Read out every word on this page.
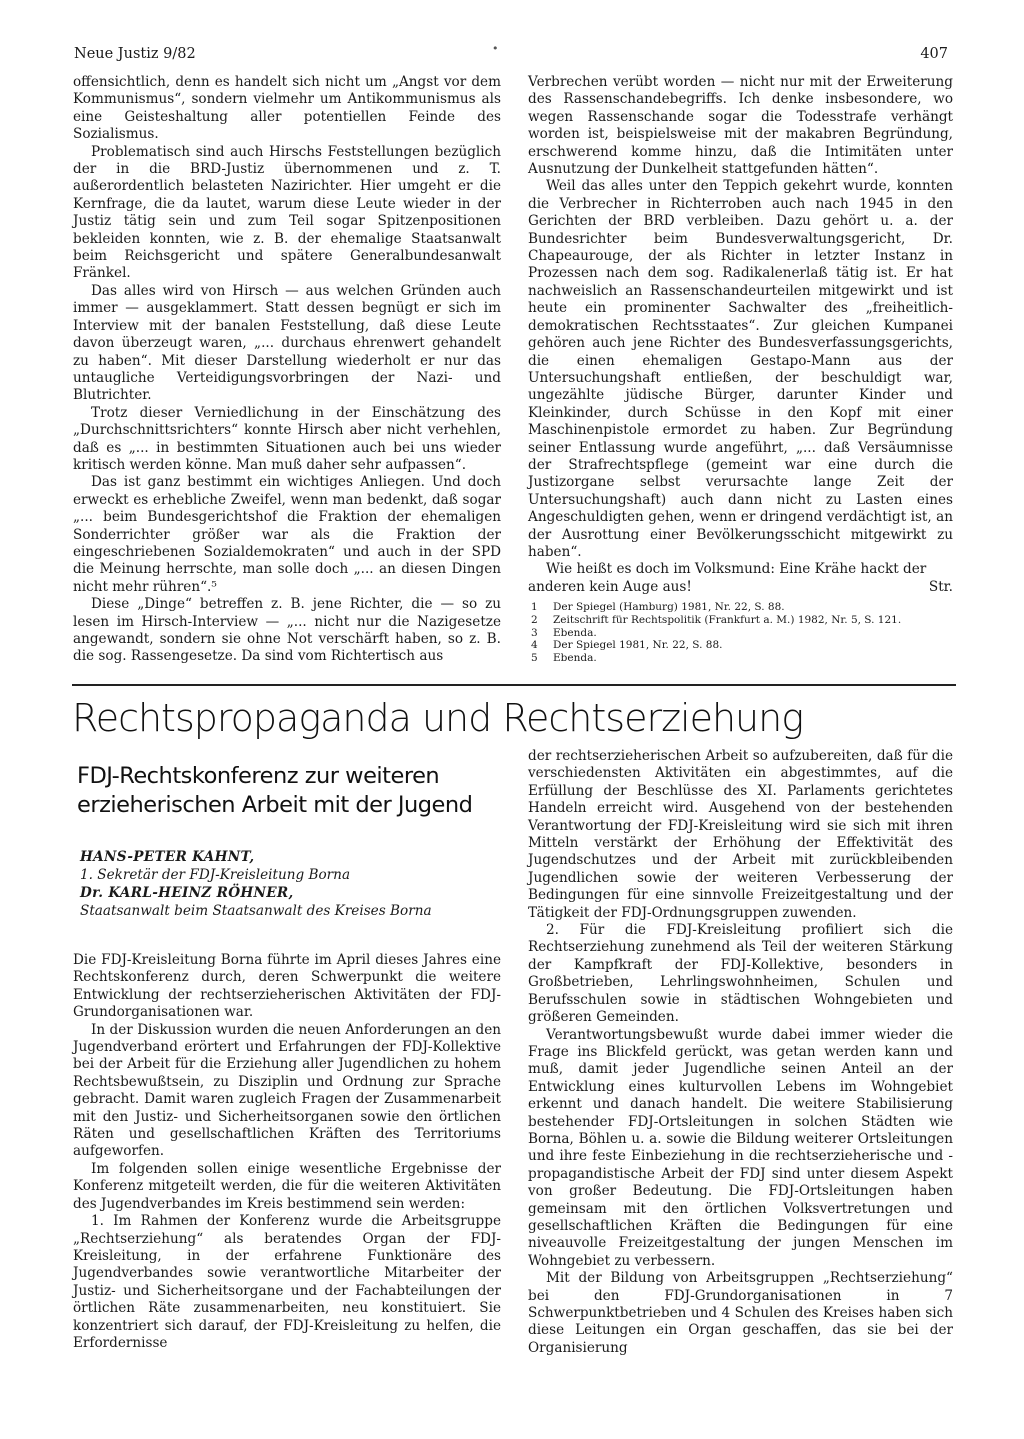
Neue Justiz 9/82	•	407

offensichtlich, denn es handelt sich nicht um „Angst vor dem Kommunismus“, sondern vielmehr um Antikommunismus als eine Geisteshaltung aller potentiellen Feinde des Sozialismus.

Problematisch sind auch Hirschs Feststellungen bezüglich der in die BRD-Justiz übernommenen und z. T. außerordentlich belasteten Nazirichter. Hier umgeht er die Kernfrage, die da lautet, warum diese Leute wieder in der Justiz tätig sein und zum Teil sogar Spitzenpositionen bekleiden konnten, wie z. B. der ehemalige Staatsanwalt beim Reichsgericht und spätere Generalbundesanwalt Fränkel.

Das alles wird von Hirsch — aus welchen Gründen auch immer — ausgeklammert. Statt dessen begnügt er sich im Interview mit der banalen Feststellung, daß diese Leute davon überzeugt waren, „... durchaus ehrenwert gehandelt zu haben“. Mit dieser Darstellung wiederholt er nur das untaugliche Verteidigungsvorbringen der Nazi- und Blutrichter.

Trotz dieser Verniedlichung in der Einschätzung des „Durchschnittsrichters“ konnte Hirsch aber nicht verhehlen, daß es „... in bestimmten Situationen auch bei uns wieder kritisch werden könne. Man muß daher sehr aufpassen“.

Das ist ganz bestimmt ein wichtiges Anliegen. Und doch erweckt es erhebliche Zweifel, wenn man bedenkt, daß sogar „... beim Bundesgerichtshof die Fraktion der ehemaligen Sonderrichter größer war als die Fraktion der eingeschriebenen Sozialdemokraten“ und auch in der SPD die Meinung herrschte, man solle doch „... an diesen Dingen nicht mehr rühren“.⁵

Diese „Dinge“ betreffen z. B. jene Richter, die — so zu lesen im Hirsch-Interview — „... nicht nur die Nazigesetze angewandt, sondern sie ohne Not verschärft haben, so z. B. die sog. Rassengesetze. Da sind vom Richtertisch aus

Verbrechen verübt worden — nicht nur mit der Erweiterung des Rassenschandebegriffs. Ich denke insbesondere, wo wegen Rassenschande sogar die Todesstrafe verhängt worden ist, beispielsweise mit der makabren Begründung, erschwerend komme hinzu, daß die Intimitäten unter Ausnutzung der Dunkelheit stattgefunden hätten“.

Weil das alles unter den Teppich gekehrt wurde, konnten die Verbrecher in Richterroben auch nach 1945 in den Gerichten der BRD verbleiben. Dazu gehört u. a. der Bundesrichter beim Bundesverwaltungsgericht, Dr. Chapeaurouge, der als Richter in letzter Instanz in Prozessen nach dem sog. Radikalenerlaß tätig ist. Er hat nachweislich an Rassenschandeurteilen mitgewirkt und ist heute ein prominenter Sachwalter des „freiheitlich-demokratischen Rechtsstaates“. Zur gleichen Kumpanei gehören auch jene Richter des Bundesverfassungsgerichts, die einen ehemaligen Gestapo-Mann aus der Untersuchungshaft entließen, der beschuldigt war, ungezählte jüdische Bürger, darunter Kinder und Kleinkinder, durch Schüsse in den Kopf mit einer Maschinenpistole ermordet zu haben. Zur Begründung seiner Entlassung wurde angeführt, „... daß Versäumnisse der Strafrechtspflege (gemeint war eine durch die Justizorgane selbst verursachte lange Zeit der Untersuchungshaft) auch dann nicht zu Lasten eines Angeschuldigten gehen, wenn er dringend verdächtigt ist, an der Ausrottung einer Bevölkerungsschicht mitgewirkt zu haben“.

Wie heißt es doch im Volksmund: Eine Krähe hackt der

anderen kein Auge aus!	Str.
1	Der Spiegel (Hamburg) 1981, Nr. 22, S. 88.
2	Zeitschrift für Rechtspolitik (Frankfurt a. M.) 1982, Nr. 5, S. 121.
3	Ebenda.
4	Der Spiegel 1981, Nr. 22, S. 88.
5	Ebenda.
Rechtspropaganda und Rechtserziehung
FDJ-Rechtskonferenz zur weiteren
erzieherischen Arbeit mit der Jugend
HANS-PETER KAHNT,
1. Sekretär der FDJ-Kreisleitung Borna
Dr. KARL-HEINZ RÖHNER,
Staatsanwalt beim Staatsanwalt des Kreises Borna

Die FDJ-Kreisleitung Borna führte im April dieses Jahres eine Rechtskonferenz durch, deren Schwerpunkt die weitere Entwicklung der rechtserzieherischen Aktivitäten der FDJ-Grundorganisationen war.

In der Diskussion wurden die neuen Anforderungen an den Jugendverband erörtert und Erfahrungen der FDJ-Kollektive bei der Arbeit für die Erziehung aller Jugendlichen zu hohem Rechtsbewußtsein, zu Disziplin und Ordnung zur Sprache gebracht. Damit waren zugleich Fragen der Zusammenarbeit mit den Justiz- und Sicherheitsorganen sowie den örtlichen Räten und gesellschaftlichen Kräften des Territoriums aufgeworfen.

Im folgenden sollen einige wesentliche Ergebnisse der Konferenz mitgeteilt werden, die für die weiteren Aktivitäten des Jugendverbandes im Kreis bestimmend sein werden:

1. Im Rahmen der Konferenz wurde die Arbeitsgruppe „Rechtserziehung“ als beratendes Organ der FDJ-Kreisleitung, in der erfahrene Funktionäre des Jugendverbandes sowie verantwortliche Mitarbeiter der Justiz- und Sicherheitsorgane und der Fachabteilungen der örtlichen Räte zusammenarbeiten, neu konstituiert. Sie konzentriert sich darauf, der FDJ-Kreisleitung zu helfen, die Erfordernisse

der rechtserzieherischen Arbeit so aufzubereiten, daß für die verschiedensten Aktivitäten ein abgestimmtes, auf die Erfüllung der Beschlüsse des XI. Parlaments gerichtetes Handeln erreicht wird. Ausgehend von der bestehenden Verantwortung der FDJ-Kreisleitung wird sie sich mit ihren Mitteln verstärkt der Erhöhung der Effektivität des Jugendschutzes und der Arbeit mit zurückbleibenden Jugendlichen sowie der weiteren Verbesserung der Bedingungen für eine sinnvolle Freizeitgestaltung und der Tätigkeit der FDJ-Ordnungsgruppen zuwenden.

2. Für die FDJ-Kreisleitung profiliert sich die Rechtserziehung zunehmend als Teil der weiteren Stärkung der Kampfkraft der FDJ-Kollektive, besonders in Großbetrieben, Lehrlingswohnheimen, Schulen und Berufsschulen sowie in städtischen Wohngebieten und größeren Gemeinden.

Verantwortungsbewußt wurde dabei immer wieder die Frage ins Blickfeld gerückt, was getan werden kann und muß, damit jeder Jugendliche seinen Anteil an der Entwicklung eines kulturvollen Lebens im Wohngebiet erkennt und danach handelt. Die weitere Stabilisierung bestehender FDJ-Ortsleitungen in solchen Städten wie Borna, Böhlen u. a. sowie die Bildung weiterer Ortsleitungen und ihre feste Einbeziehung in die rechtserzieherische und -propagandistische Arbeit der FDJ sind unter diesem Aspekt von großer Bedeutung. Die FDJ-Ortsleitungen haben gemeinsam mit den örtlichen Volksvertretungen und gesellschaftlichen Kräften die Bedingungen für eine niveauvolle Freizeitgestaltung der jungen Menschen im Wohngebiet zu verbessern.

Mit der Bildung von Arbeitsgruppen „Rechtserziehung“ bei den FDJ-Grundorganisationen in 7 Schwerpunktbetrieben und 4 Schulen des Kreises haben sich diese Leitungen ein Organ geschaffen, das sie bei der Organisierung
